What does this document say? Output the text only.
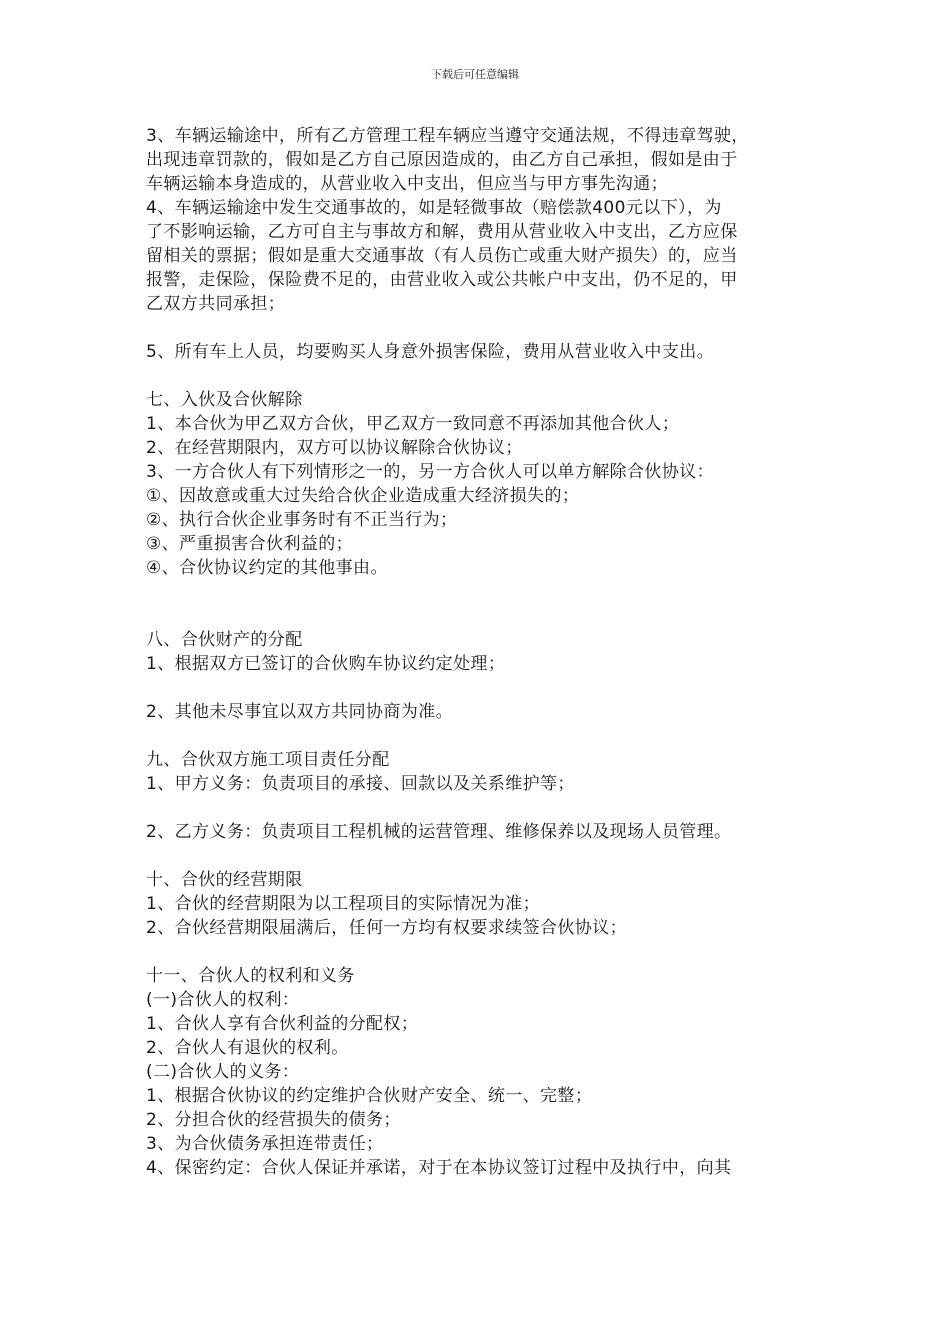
下载后可任意编辑
3、车辆运输途中，所有乙方管理工程车辆应当遵守交通法规，不得违章驾驶，
出现违章罚款的，假如是乙方自己原因造成的，由乙方自己承担，假如是由于
车辆运输本身造成的，从营业收入中支出，但应当与甲方事先沟通；
4、车辆运输途中发生交通事故的，如是轻微事故（赔偿款400元以下），为
了不影响运输，乙方可自主与事故方和解，费用从营业收入中支出，乙方应保
留相关的票据；假如是重大交通事故（有人员伤亡或重大财产损失）的，应当
报警，走保险，保险费不足的，由营业收入或公共帐户中支出，仍不足的，甲
乙双方共同承担；
5、所有车上人员，均要购买人身意外损害保险，费用从营业收入中支出。
七、入伙及合伙解除
1、本合伙为甲乙双方合伙，甲乙双方一致同意不再添加其他合伙人；
2、在经营期限内，双方可以协议解除合伙协议；
3、一方合伙人有下列情形之一的，另一方合伙人可以单方解除合伙协议：
①、因故意或重大过失给合伙企业造成重大经济损失的；
②、执行合伙企业事务时有不正当行为；
③、严重损害合伙利益的；
④、合伙协议约定的其他事由。
八、合伙财产的分配
1、根据双方已签订的合伙购车协议约定处理；
2、其他未尽事宜以双方共同协商为准。
九、合伙双方施工项目责任分配
1、甲方义务：负责项目的承接、回款以及关系维护等；
2、乙方义务：负责项目工程机械的运营管理、维修保养以及现场人员管理。
十、合伙的经营期限
1、合伙的经营期限为以工程项目的实际情况为准；
2、合伙经营期限届满后，任何一方均有权要求续签合伙协议；
十一、合伙人的权利和义务
(一)合伙人的权利：
1、合伙人享有合伙利益的分配权；
2、合伙人有退伙的权利。
(二)合伙人的义务：
1、根据合伙协议的约定维护合伙财产安全、统一、完整；
2、分担合伙的经营损失的债务；
3、为合伙债务承担连带责任；
4、保密约定：合伙人保证并承诺，对于在本协议签订过程中及执行中，向其
